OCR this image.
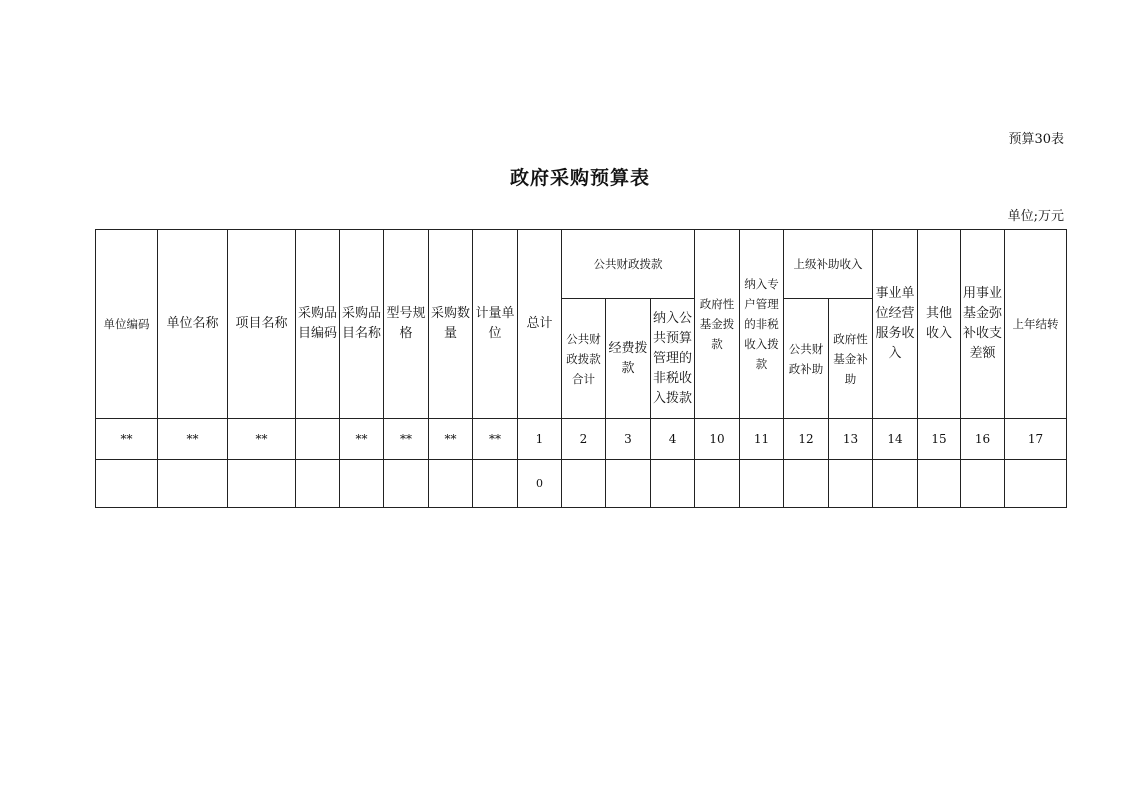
预算30表
政府采购预算表
单位;万元
单位编码	单位名称	项目名称	采购品目编码	采购品目名称	型号规格	采购数量	计量单位	总计	公共财政拨款			政府性基金拨款	纳入专户管理的非税收入拨款	上级补助收入		事业单位经营服务收入	其他收入	用事业基金弥补收支差额	上年结转

									公共财政拨款合计	经费拨款	纳入公共预算管理的非税收入拨款			公共财政补助	政府性基金补助				

**	**	**		**	**	**	**	1	2	3	4	10	11	12	13	14	15	16	17
								0											
